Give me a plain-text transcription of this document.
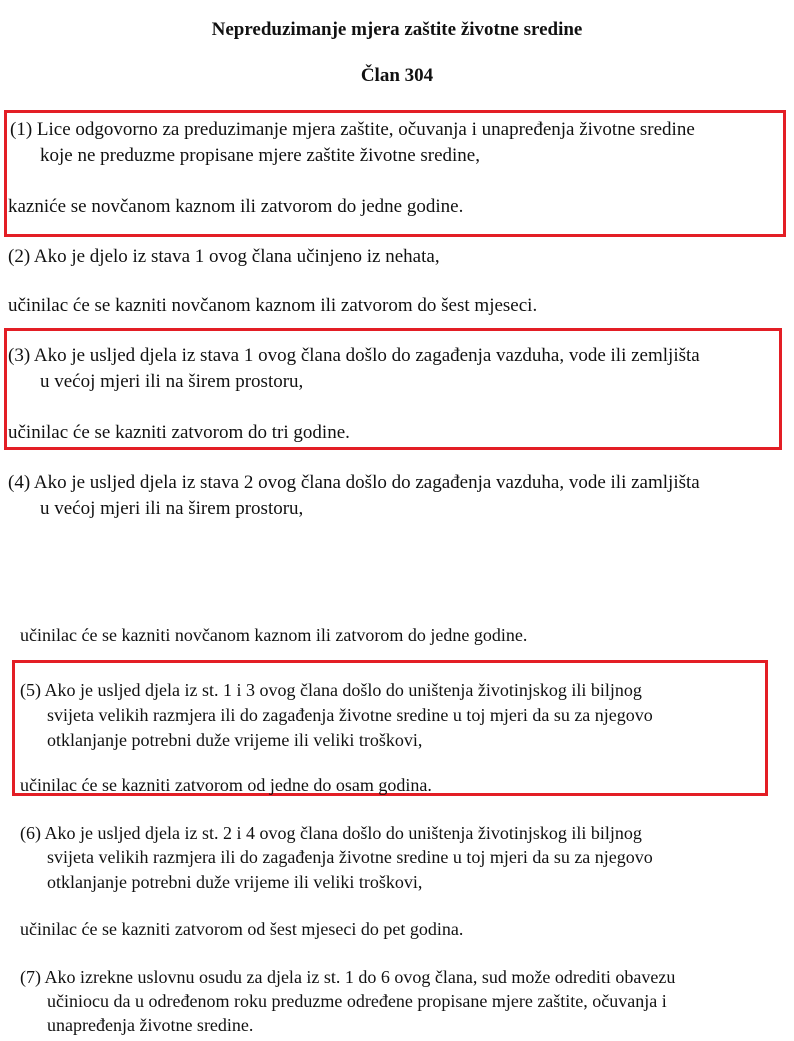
Nepreduzimanje mjera zaštite životne sredine
Član 304
(1) Lice odgovorno za preduzimanje mjera zaštite, očuvanja i unapređenja životne sredine
koje ne preduzme propisane mjere zaštite životne sredine,
kazniće se novčanom kaznom ili zatvorom do jedne godine.
(2) Ako je djelo iz stava 1 ovog člana učinjeno iz nehata,
učinilac će se kazniti novčanom kaznom ili zatvorom do šest mjeseci.
(3) Ako je usljed djela iz stava 1 ovog člana došlo do zagađenja vazduha, vode ili zemljišta
u većoj mjeri ili na širem prostoru,
učinilac će se kazniti zatvorom do tri godine.
(4) Ako je usljed djela iz stava 2 ovog člana došlo do zagađenja vazduha, vode ili zamljišta
u većoj mjeri ili na širem prostoru,
učinilac će se kazniti novčanom kaznom ili zatvorom do jedne godine.
(5) Ako je usljed djela iz st. 1 i 3 ovog člana došlo do uništenja životinjskog ili biljnog
svijeta velikih razmjera ili do zagađenja životne sredine u toj mjeri da su za njegovo
otklanjanje potrebni duže vrijeme ili veliki troškovi,
učinilac će se kazniti zatvorom od jedne do osam godina.
(6) Ako je usljed djela iz st. 2 i 4 ovog člana došlo do uništenja životinjskog ili biljnog
svijeta velikih razmjera ili do zagađenja životne sredine u toj mjeri da su za njegovo
otklanjanje potrebni duže vrijeme ili veliki troškovi,
učinilac će se kazniti zatvorom od šest mjeseci do pet godina.
(7) Ako izrekne uslovnu osudu za djela iz st. 1 do 6 ovog člana, sud može odrediti obavezu
učiniocu da u određenom roku preduzme određene propisane mjere zaštite, očuvanja i
unapređenja životne sredine.
